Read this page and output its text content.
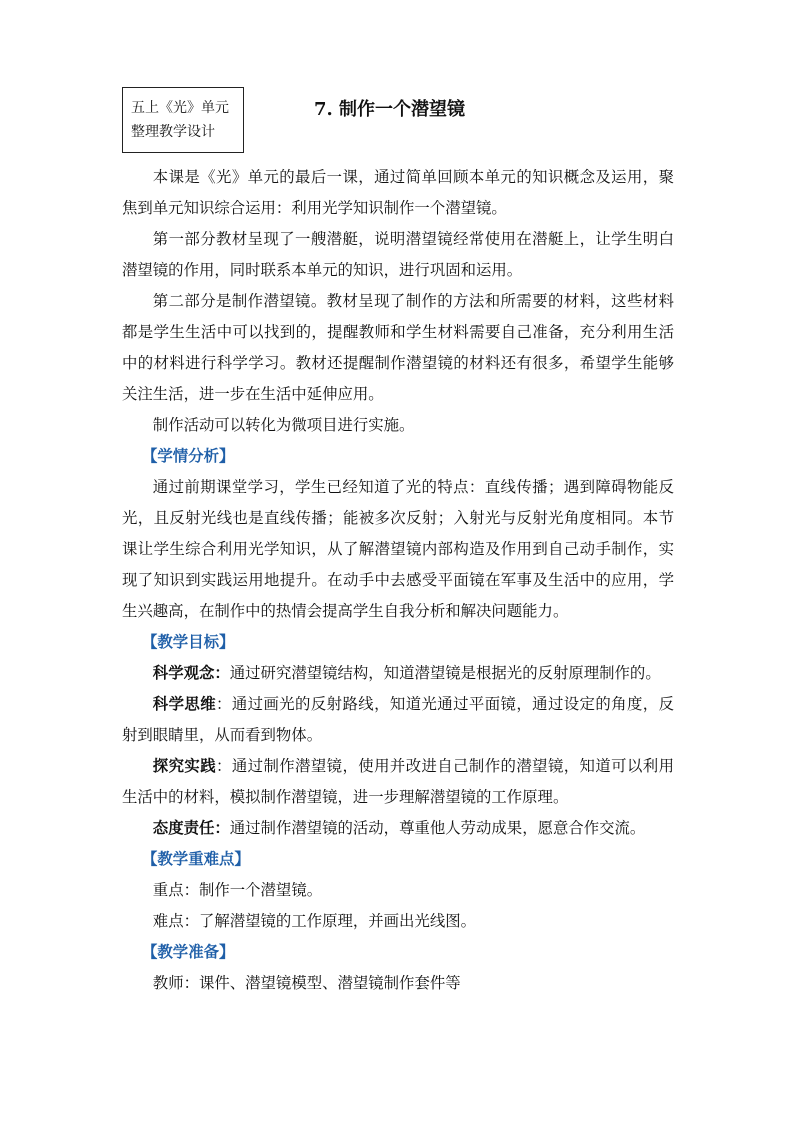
五上《光》单元
整理教学设计
7. 制作一个潜望镜

本课是《光》单元的最后一课，通过简单回顾本单元的知识概念及运用，聚焦到单元知识综合运用：利用光学知识制作一个潜望镜。

第一部分教材呈现了一艘潜艇，说明潜望镜经常使用在潜艇上，让学生明白潜望镜的作用，同时联系本单元的知识，进行巩固和运用。

第二部分是制作潜望镜。教材呈现了制作的方法和所需要的材料，这些材料都是学生生活中可以找到的，提醒教师和学生材料需要自己准备，充分利用生活中的材料进行科学学习。教材还提醒制作潜望镜的材料还有很多，希望学生能够关注生活，进一步在生活中延伸应用。

制作活动可以转化为微项目进行实施。

【学情分析】

通过前期课堂学习，学生已经知道了光的特点：直线传播；遇到障碍物能反光，且反射光线也是直线传播；能被多次反射；入射光与反射光角度相同。本节课让学生综合利用光学知识，从了解潜望镜内部构造及作用到自己动手制作，实现了知识到实践运用地提升。在动手中去感受平面镜在军事及生活中的应用，学生兴趣高，在制作中的热情会提高学生自我分析和解决问题能力。

【教学目标】

科学观念：通过研究潜望镜结构，知道潜望镜是根据光的反射原理制作的。

科学思维：通过画光的反射路线，知道光通过平面镜，通过设定的角度，反射到眼睛里，从而看到物体。

探究实践：通过制作潜望镜，使用并改进自己制作的潜望镜，知道可以利用生活中的材料，模拟制作潜望镜，进一步理解潜望镜的工作原理。

态度责任：通过制作潜望镜的活动，尊重他人劳动成果，愿意合作交流。

【教学重难点】

重点：制作一个潜望镜。

难点：了解潜望镜的工作原理，并画出光线图。

【教学准备】

教师：课件、潜望镜模型、潜望镜制作套件等
